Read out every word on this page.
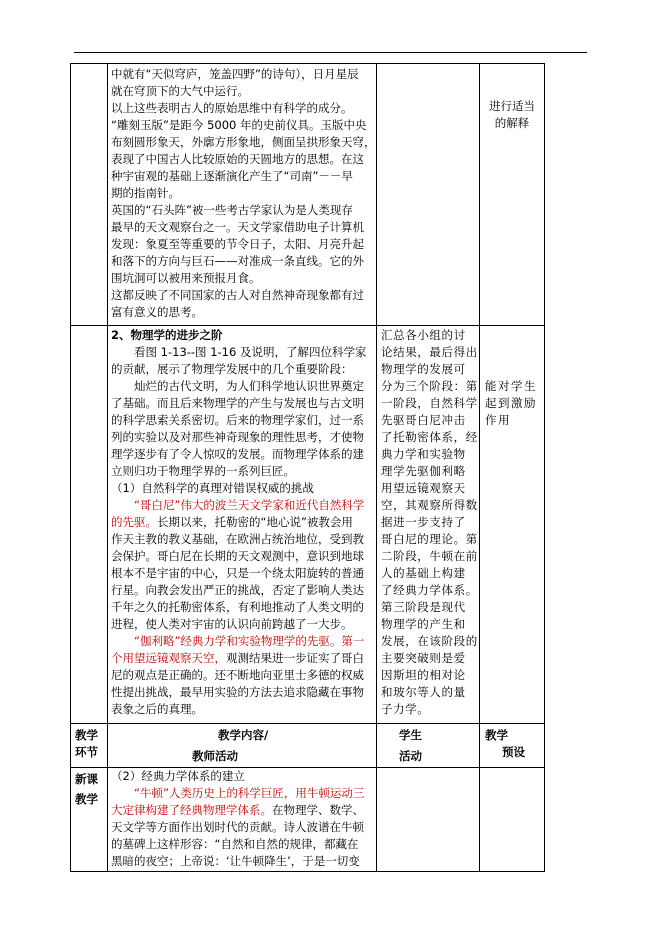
中就有“天似穹庐，笼盖四野”的诗句），日月星辰
就在穹顶下的大气中运行。
以上这些表明古人的原始思维中有科学的成分。
“雕刻玉版”是距今 5000 年的史前仪具。玉版中央
布刻圆形象天，外廓方形象地，侧面呈拱形象天穹，
表现了中国古人比较原始的天圆地方的思想。在这
种宇宙观的基础上逐渐演化产生了“司南”－－早
期的指南针。
英国的“石头阵”被一些考古学家认为是人类现存
最早的天文观察台之一。天文学家借助电子计算机
发现：象夏至等重要的节令日子，太阳、月亮升起
和落下的方向与巨石——对准成一条直线。它的外
围坑洞可以被用来预报月食。
这都反映了不同国家的古人对自然神奇现象都有过
富有意义的思考。
进行适当
的解释
2、物理学的进步之阶
　　看图 1-13--图 1-16 及说明，了解四位科学家
的贡献，展示了物理学发展中的几个重要阶段：
　　灿烂的古代文明，为人们科学地认识世界奠定
了基础。而且后来物理学的产生与发展也与古文明
的科学思索关系密切。后来的物理学家们，过一系
列的实验以及对那些神奇现象的理性思考，才使物
理学逐步有了令人惊叹的发展。而物理学体系的建
立则归功于物理学界的一系列巨匠。
（1）自然科学的真理对错误权威的挑战
　　“哥白尼”伟大的波兰天文学家和近代自然科学
的先驱。长期以来，托勒密的“地心说”被教会用
作天主教的教义基础，在欧洲占统治地位，受到教
会保护。哥白尼在长期的天文观测中，意识到地球
根本不是宇宙的中心，只是一个绕太阳旋转的普通
行星。向教会发出严正的挑战，否定了影响人类达
千年之久的托勒密体系，有利地推动了人类文明的
进程，使人类对宇宙的认识向前跨越了一大步。
　　“伽利略”经典力学和实验物理学的先驱。第一
个用望远镜观察天空，观测结果进一步证实了哥白
尼的观点是正确的。还不断地向亚里士多德的权威
性提出挑战，最早用实验的方法去追求隐藏在事物
表象之后的真理。
汇总各小组的讨
论结果，最后得出
物理学的发展可
分为三个阶段：第
一阶段，自然科学
先驱哥白尼冲击
了托勒密体系，经
典力学和实验物
理学先驱伽利略
用望远镜观察天
空，其观察所得数
据进一步支持了
哥白尼的理论。第
二阶段，牛顿在前
人的基础上构建
了经典力学体系。
第三阶段是现代
物理学的产生和
发展，在该阶段的
主要突破则是爱
因斯坦的相对论
和玻尔等人的量
子力学。
能对学生
起到激励
作用
教学
环节
教学内容/
教师活动
学生
活动
教学
预设
新课
教学
（2）经典力学体系的建立
　　“牛顿”人类历史上的科学巨匠，用牛顿运动三
大定律构建了经典物理学体系。在物理学、数学、
天文学等方面作出划时代的贡献。诗人波谱在牛顿
的墓碑上这样形容：“自然和自然的规律，都藏在
黑暗的夜空；上帝说：‘让牛顿降生’，于是一切变
